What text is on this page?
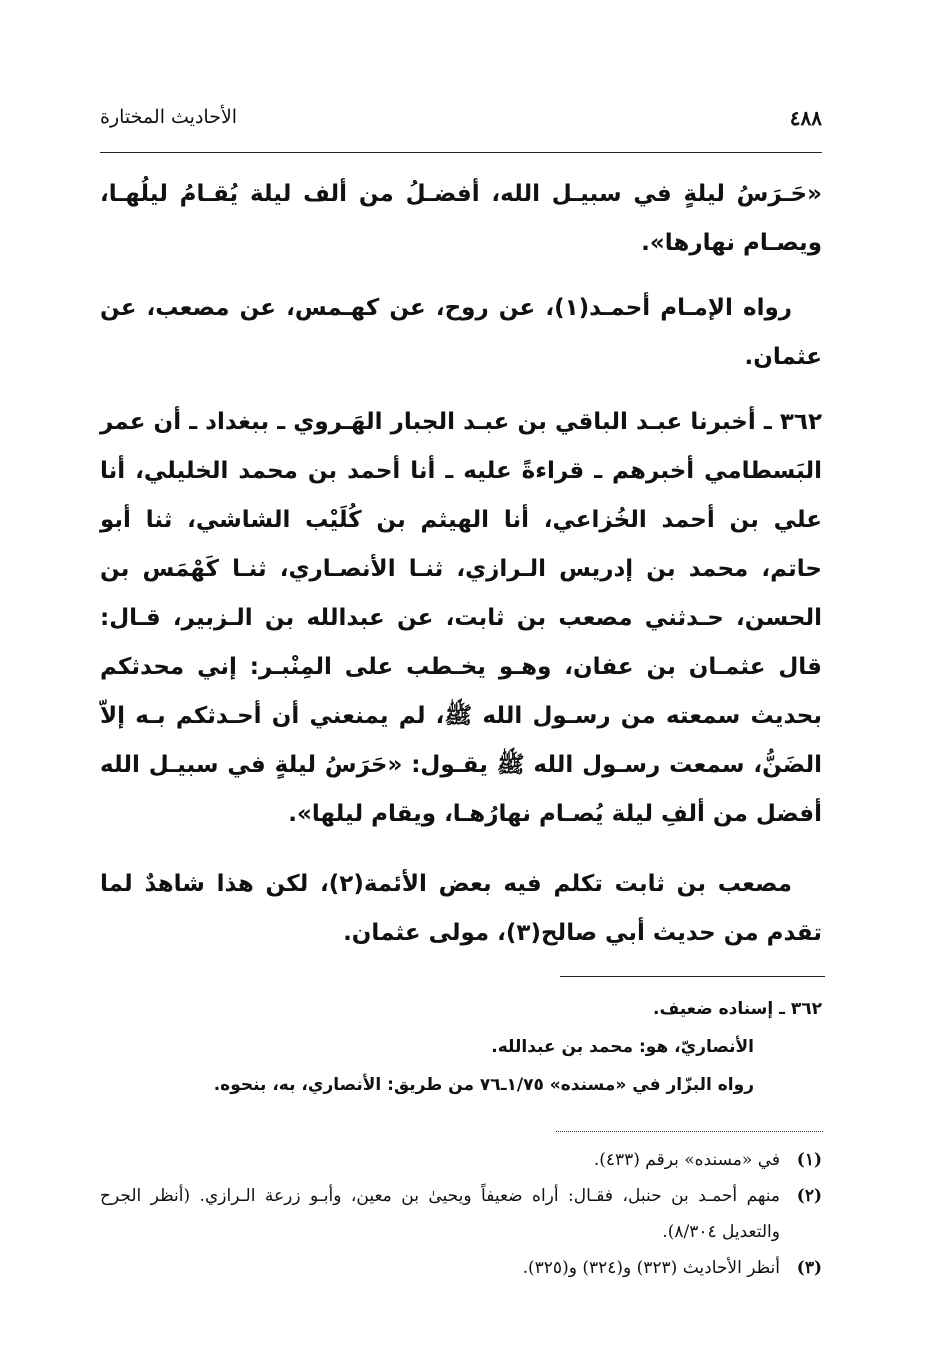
٤٨٨
الأحاديث المختارة

«حَـرَسُ ليلةٍ في سبيـل الله، أفضـلُ من ألف ليلة يُقـامُ ليلُهـا، ويصـام نهارها».

رواه الإمـام أحمـد(١)، عن روح، عن كهـمس، عن مصعب، عن عثمان.

٣٦٢ ـ أخبرنا عبـد الباقي بن عبـد الجبار الهَـروي ـ ببغداد ـ أن عمر البَسطامي أخبرهم ـ قراءةً عليه ـ أنا أحمد بن محمد الخليلي، أنا علي بن أحمد الخُزاعي، أنا الهيثم بن كُلَيْب الشاشي، ثنا أبو حاتم، محمد بن إدريس الـرازي، ثنـا الأنصـاري، ثنـا كَهْمَس بن الحسن، حـدثني مصعب بن ثابت، عن عبدالله بن الـزبير، قـال: قال عثمـان بن عفان، وهـو يخـطب على المِنْبـر: إني محدثكم بحديث سمعته من رسـول الله ﷺ، لم يمنعني أن أحـدثكم بـه إلاّ الضَنُّ، سمعت رسـول الله ﷺ يقـول: «حَرَسُ ليلةٍ في سبيـل الله أفضل من ألفِ ليلة يُصـام نهارُهـا، ويقام ليلها».

مصعب بن ثابت تكلم فيه بعض الأئمة(٢)، لكن هذا شاهدٌ لما تقدم من حديث أبي صالح(٣)، مولى عثمان.

٣٦٢ ـ إسناده ضعيف.

الأنصاريّ، هو: محمد بن عبدالله.

رواه البزّار في «مسنده» ١/٧٥ـ٧٦ من طريق: الأنصاري، به، بنحوه.

(١)
في «مسنده» برقم (٤٣٣).
(٢)
منهم أحمـد بن حنبل، فقـال: أراه ضعيفاً ويحيىٰ بن معين، وأبـو زرعة الـرازي. (أنظر الجرح والتعديل ٨/٣٠٤).
(٣)
أنظر الأحاديث (٣٢٣) و(٣٢٤) و(٣٢٥).
